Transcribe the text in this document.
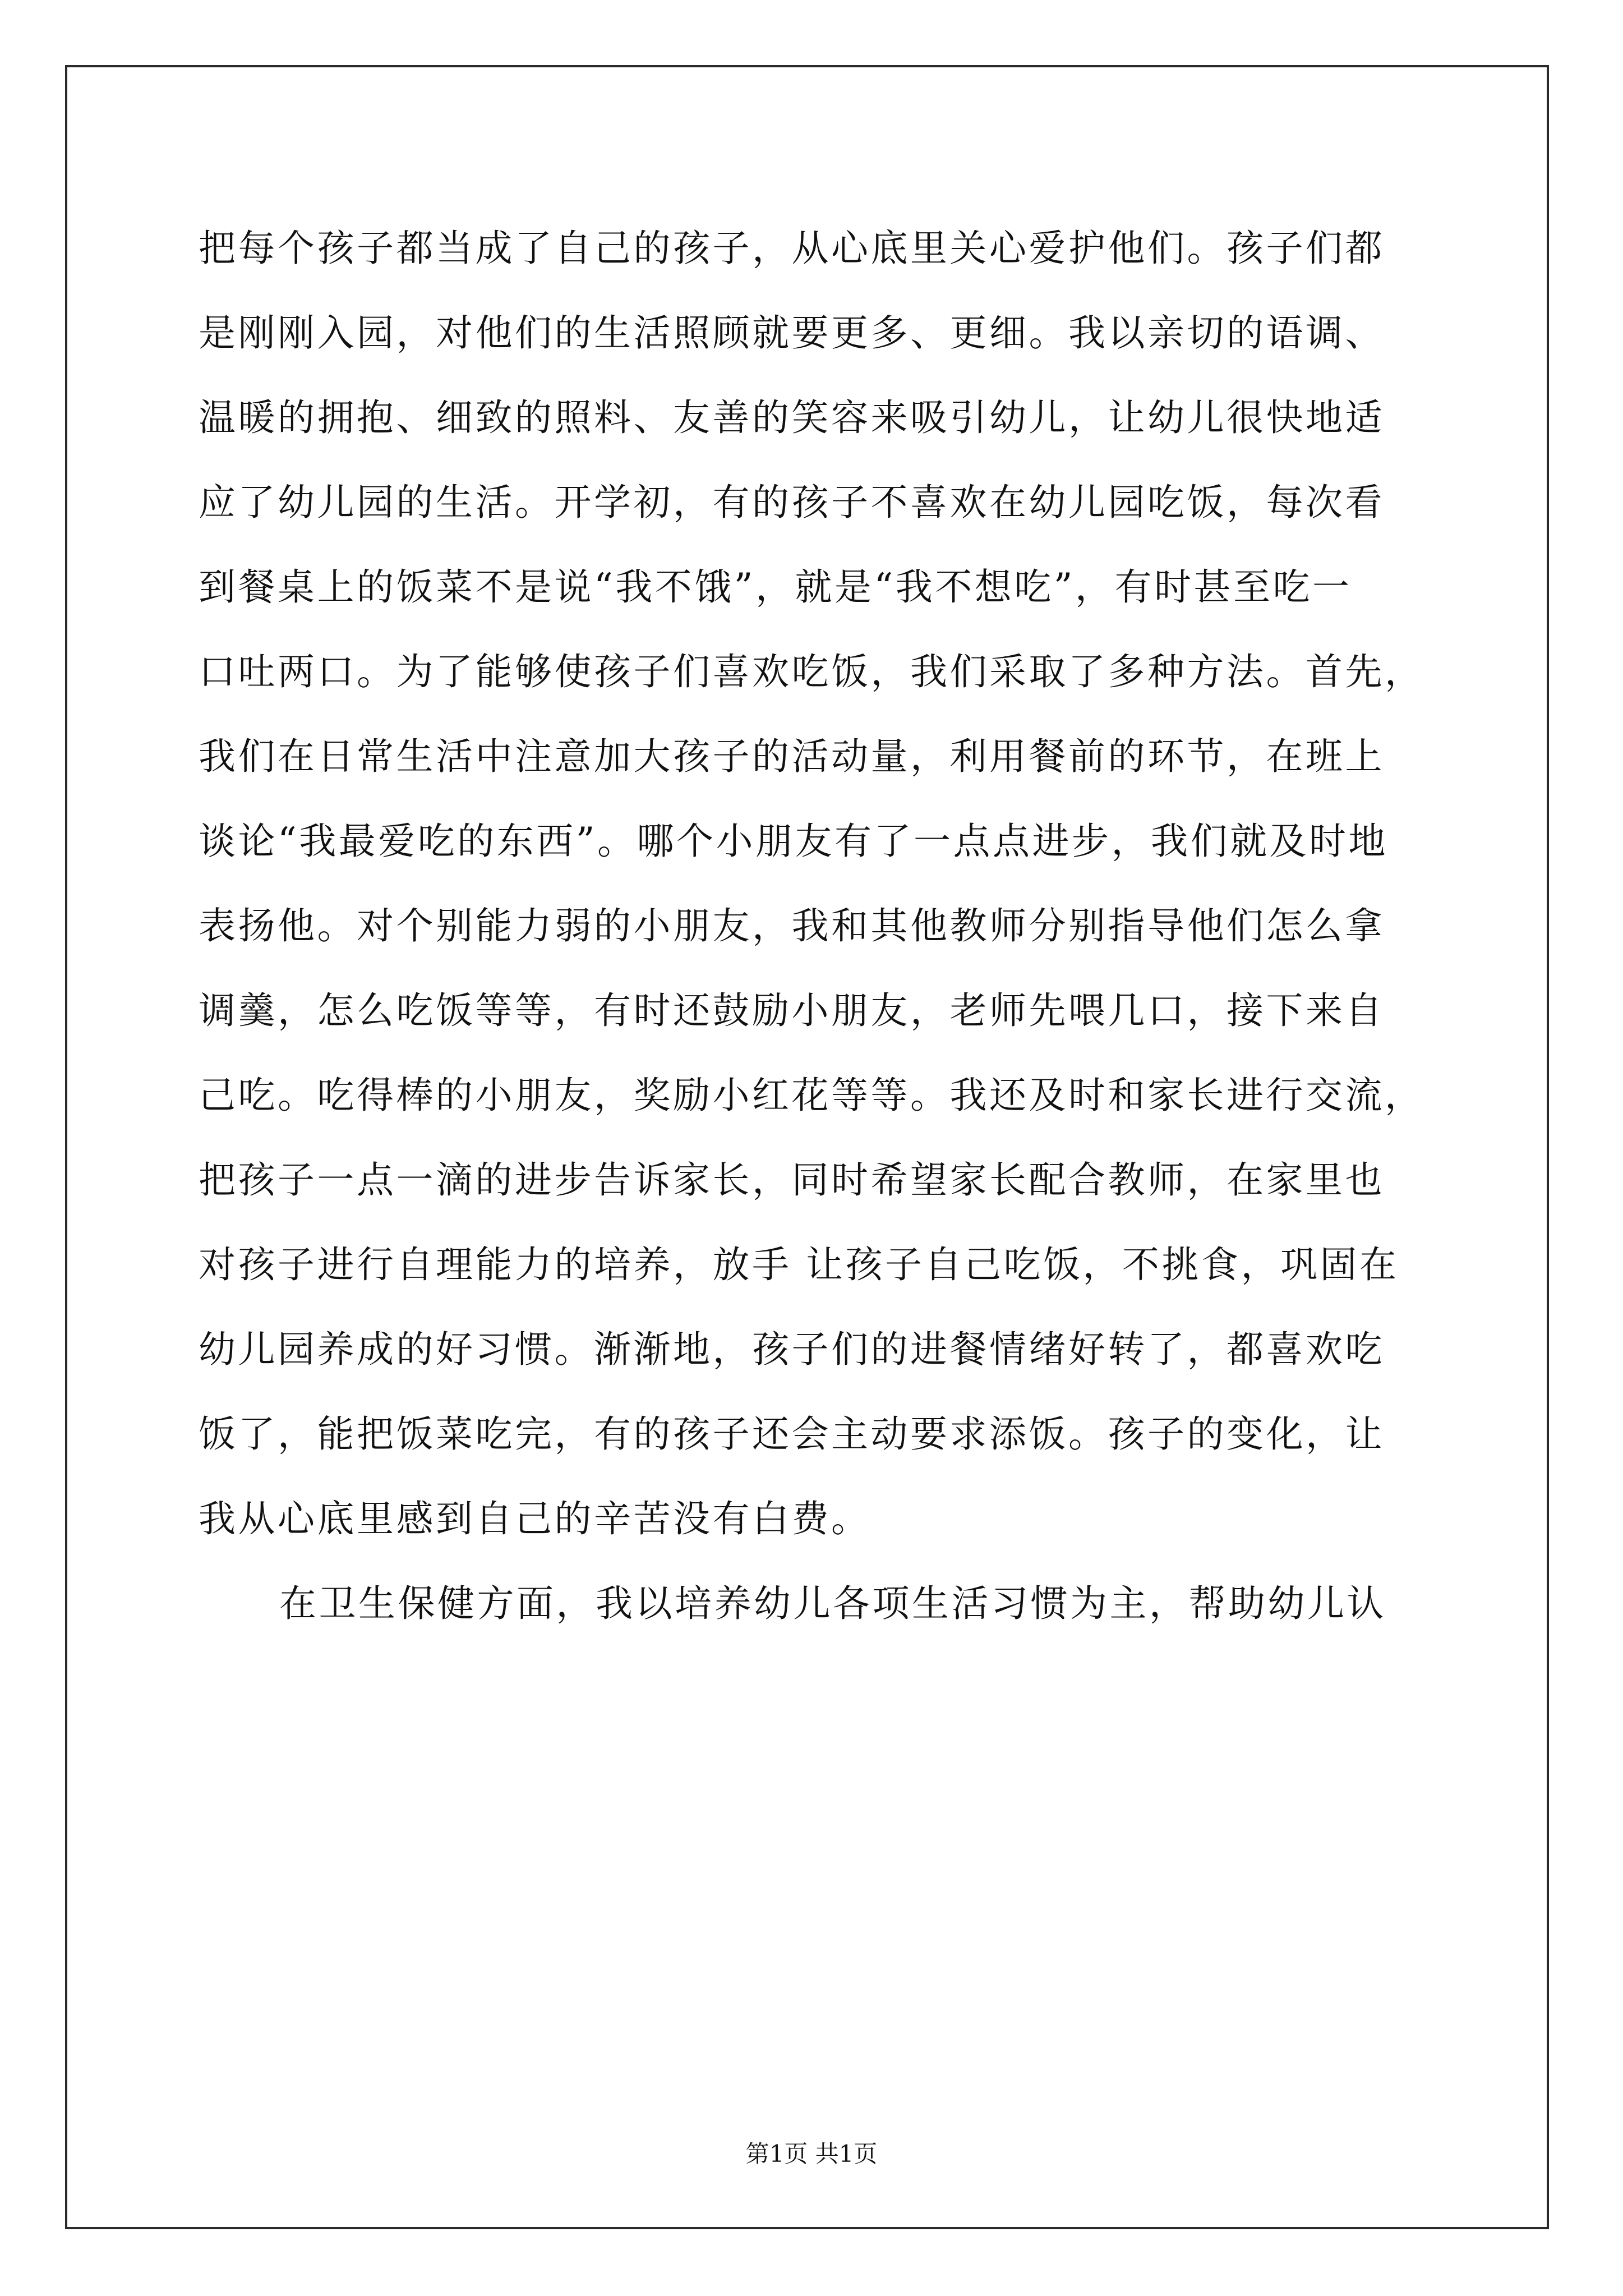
把每个孩子都当成了自己的孩子，从心底里关心爱护他们。孩子们都
是刚刚入园，对他们的生活照顾就要更多、更细。我以亲切的语调、
温暖的拥抱、细致的照料、友善的笑容来吸引幼儿，让幼儿很快地适
应了幼儿园的生活。开学初，有的孩子不喜欢在幼儿园吃饭，每次看
到餐桌上的饭菜不是说“我不饿”，就是“我不想吃”，有时甚至吃一
口吐两口。为了能够使孩子们喜欢吃饭，我们采取了多种方法。首先，
我们在日常生活中注意加大孩子的活动量，利用餐前的环节，在班上
谈论“我最爱吃的东西”。哪个小朋友有了一点点进步，我们就及时地
表扬他。对个别能力弱的小朋友，我和其他教师分别指导他们怎么拿
调羹，怎么吃饭等等，有时还鼓励小朋友，老师先喂几口，接下来自
己吃。吃得棒的小朋友，奖励小红花等等。我还及时和家长进行交流，
把孩子一点一滴的进步告诉家长，同时希望家长配合教师，在家里也
对孩子进行自理能力的培养，放手 让孩子自己吃饭，不挑食，巩固在
幼儿园养成的好习惯。渐渐地，孩子们的进餐情绪好转了，都喜欢吃
饭了，能把饭菜吃完，有的孩子还会主动要求添饭。孩子的变化，让
我从心底里感到自己的辛苦没有白费。
在卫生保健方面，我以培养幼儿各项生活习惯为主，帮助幼儿认
第1页 共1页
